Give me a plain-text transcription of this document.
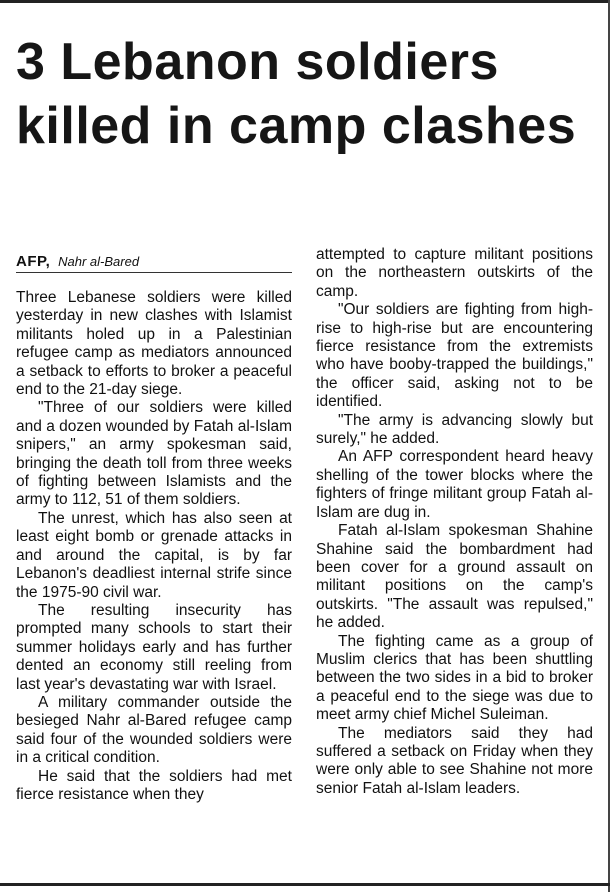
3 Lebanon soldiers killed in camp clashes
AFP, Nahr al-Bared

Three Lebanese soldiers were killed yesterday in new clashes with Islamist militants holed up in a Palestinian refugee camp as mediators announced a setback to efforts to broker a peaceful end to the 21-day siege.

"Three of our soldiers were killed and a dozen wounded by Fatah al-Islam snipers," an army spokesman said, bringing the death toll from three weeks of fighting between Islamists and the army to 112, 51 of them soldiers.

The unrest, which has also seen at least eight bomb or grenade attacks in and around the capital, is by far Lebanon's deadliest internal strife since the 1975-90 civil war.

The resulting insecurity has prompted many schools to start their summer holidays early and has further dented an economy still reeling from last year's devastating war with Israel.

A military commander outside the besieged Nahr al-Bared refugee camp said four of the wounded soldiers were in a critical condition.

He said that the soldiers had met fierce resistance when they

attempted to capture militant positions on the northeastern outskirts of the camp.

"Our soldiers are fighting from high-rise to high-rise but are encountering fierce resistance from the extremists who have booby-trapped the buildings," the officer said, asking not to be identified.

"The army is advancing slowly but surely," he added.

An AFP correspondent heard heavy shelling of the tower blocks where the fighters of fringe militant group Fatah al-Islam are dug in.

Fatah al-Islam spokesman Shahine Shahine said the bombardment had been cover for a ground assault on militant positions on the camp's outskirts. "The assault was repulsed," he added.

The fighting came as a group of Muslim clerics that has been shuttling between the two sides in a bid to broker a peaceful end to the siege was due to meet army chief Michel Suleiman.

The mediators said they had suffered a setback on Friday when they were only able to see Shahine not more senior Fatah al-Islam leaders.
